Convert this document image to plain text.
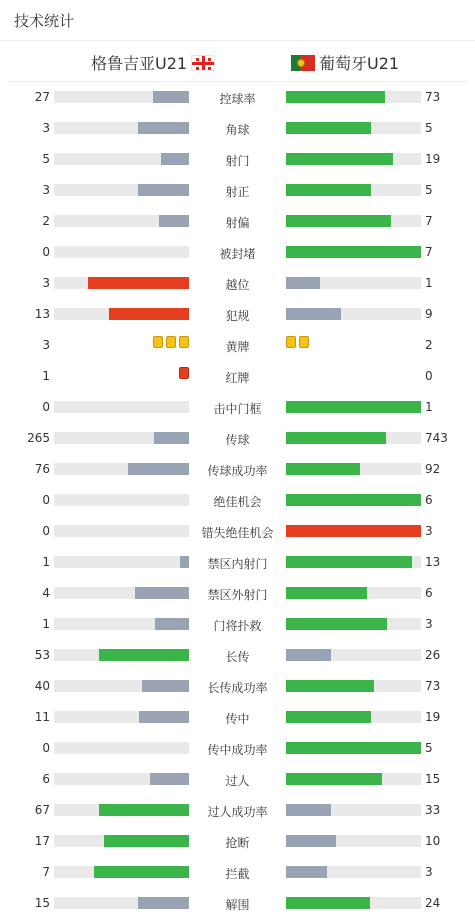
技术统计
格鲁吉亚U21	葡萄牙U21
27	控球率	73
3	角球	5
5	射门	19
3	射正	5
2	射偏	7
0	被封堵	7
3	越位	1
13	犯规	9
3	黄牌	2
1	红牌	0
0	击中门框	1
265	传球	743
76	传球成功率	92
0	绝佳机会	6
0	错失绝佳机会	3
1	禁区内射门	13
4	禁区外射门	6
1	门将扑救	3
53	长传	26
40	长传成功率	73
11	传中	19
0	传中成功率	5
6	过人	15
67	过人成功率	33
17	抢断	10
7	拦截	3
15	解围	24
